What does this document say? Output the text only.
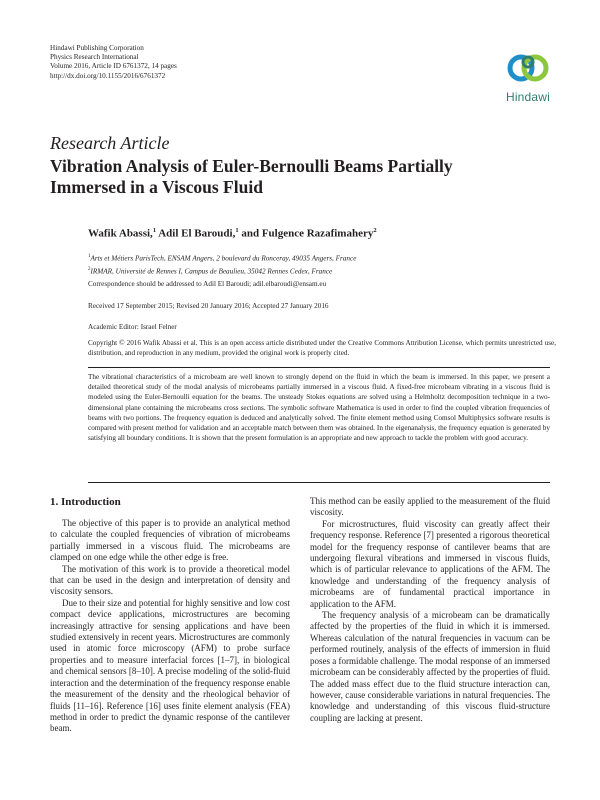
Hindawi Publishing Corporation
Physics Research International
Volume 2016, Article ID 6761372, 14 pages
http://dx.doi.org/10.1155/2016/6761372
Hindawi
Research Article
Vibration Analysis of Euler-Bernoulli Beams Partially Immersed in a Viscous Fluid
Wafik Abassi,$^1$ Adil El Baroudi,$^1$ and Fulgence Razafimahery$^2$
$^1$Arts et Métiers ParisTech, ENSAM Angers, 2 boulevard du Ronceray, 49035 Angers, France
$^2$IRMAR, Université de Rennes I, Campus de Beaulieu, 35042 Rennes Cedex, France
Correspondence should be addressed to Adil El Baroudi; adil.elbaroudi@ensam.eu
Received 17 September 2015; Revised 20 January 2016; Accepted 27 January 2016
Academic Editor: Israel Felner
Copyright © 2016 Wafik Abassi et al. This is an open access article distributed under the Creative Commons Attribution License, which permits unrestricted use, distribution, and reproduction in any medium, provided the original work is properly cited.
The vibrational characteristics of a microbeam are well known to strongly depend on the fluid in which the beam is immersed. In this paper, we present a detailed theoretical study of the modal analysis of microbeams partially immersed in a viscous fluid. A fixed-free microbeam vibrating in a viscous fluid is modeled using the Euler-Bernoulli equation for the beams. The unsteady Stokes equations are solved using a Helmholtz decomposition technique in a two-dimensional plane containing the microbeams cross sections. The symbolic software Mathematica is used in order to find the coupled vibration frequencies of beams with two portions. The frequency equation is deduced and analytically solved. The finite element method using Comsol Multiphysics software results is compared with present method for validation and an acceptable match between them was obtained. In the eigenanalysis, the frequency equation is generated by satisfying all boundary conditions. It is shown that the present formulation is an appropriate and new approach to tackle the problem with good accuracy.
1. Introduction

The objective of this paper is to provide an analytical method to calculate the coupled frequencies of vibration of microbeams partially immersed in a viscous fluid. The microbeams are clamped on one edge while the other edge is free.

The motivation of this work is to provide a theoretical model that can be used in the design and interpretation of density and viscosity sensors.

Due to their size and potential for highly sensitive and low cost compact device applications, microstructures are becoming increasingly attractive for sensing applications and have been studied extensively in recent years. Microstructures are commonly used in atomic force microscopy (AFM) to probe surface properties and to measure interfacial forces [1–7], in biological and chemical sensors [8–10]. A precise modeling of the solid-fluid interaction and the determination of the frequency response enable the measurement of the density and the rheological behavior of fluids [11–16]. Reference [16] uses finite element analysis (FEA) method in order to predict the dynamic response of the cantilever beam.

This method can be easily applied to the measurement of the fluid viscosity.

For microstructures, fluid viscosity can greatly affect their frequency response. Reference [7] presented a rigorous theoretical model for the frequency response of cantilever beams that are undergoing flexural vibrations and immersed in viscous fluids, which is of particular relevance to applications of the AFM. The knowledge and understanding of the frequency analysis of microbeams are of fundamental practical importance in application to the AFM.

The frequency analysis of a microbeam can be dramatically affected by the properties of the fluid in which it is immersed. Whereas calculation of the natural frequencies in vacuum can be performed routinely, analysis of the effects of immersion in fluid poses a formidable challenge. The modal response of an immersed microbeam can be considerably affected by the properties of fluid. The added mass effect due to the fluid structure interaction can, however, cause considerable variations in natural frequencies. The knowledge and understanding of this viscous fluid-structure coupling are lacking at present.
